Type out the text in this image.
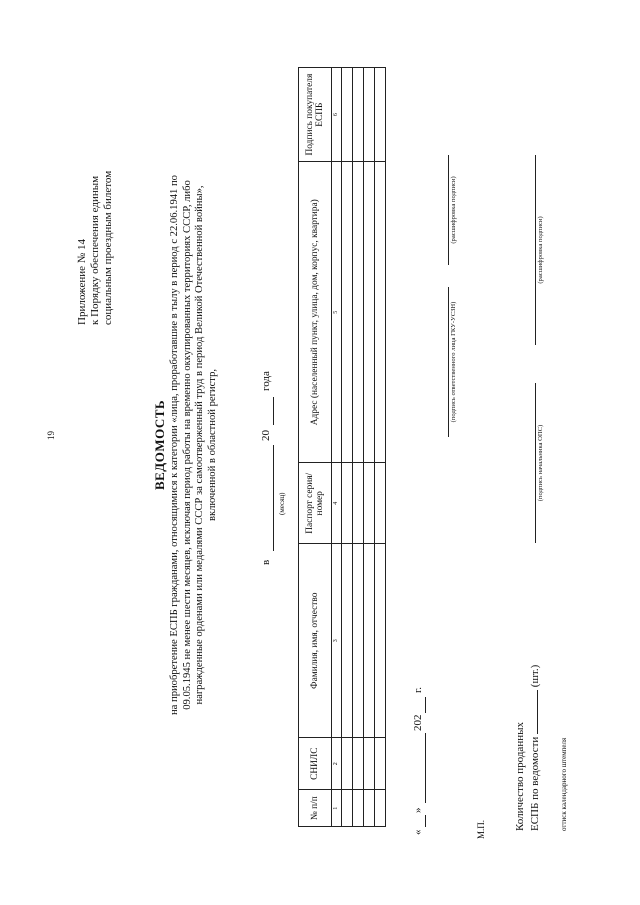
19
Приложение № 14 к Порядку обеспечения единым социальным проездным билетом
ВЕДОМОСТЬ на приобретение ЕСПБ гражданами, относящимися к категории «лица, проработавшие в тылу в период с 22.06.1941 по 09.05.1945 не менее шести месяцев, исключая период работы на временно оккупированных территориях СССР, либо награжденные орденами или медалями СССР за самоотверженный труд в период Великой Отечественной войны», включенной в областной регистр,
в
(месяц)
20
года
№ п/п	СНИЛС	Фамилия, имя, отчество	Паспорт серия/номер	Адрес (населенный пункт, улица, дом, корпус, квартира)	Подпись покупателя ЕСПБ
1	2	3	4	5	6

«
»
202
г.
(подпись ответственного лица ГКУ-УСЗН)
(расшифровка подписи)
(подпись начальника ОПС)
(расшифровка подписи)
М.П.	Количество проданных ЕСПБ по ведомости  (шт.)
оттиск календарного штемпеля
